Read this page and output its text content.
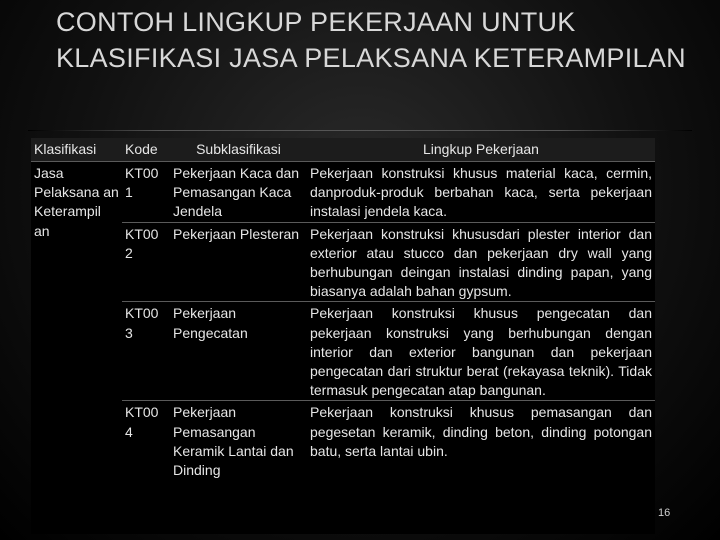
CONTOH LINGKUP PEKERJAAN UNTUK KLASIFIKASI JASA PELAKSANA KETERAMPILAN
Klasifikasi	Kode	Subklasifikasi	Lingkup Pekerjaan
Jasa Pelaksana an Keterampil an	KT00 1	Pekerjaan Kaca dan Pemasangan Kaca Jendela	Pekerjaan konstruksi khusus material kaca, cermin, danproduk-produk berbahan kaca, serta pekerjaan instalasi jendela kaca.
	KT00 2	Pekerjaan Plesteran	Pekerjaan konstruksi khususdari plester interior dan exterior atau stucco dan pekerjaan dry wall yang berhubungan deingan instalasi dinding papan, yang biasanya adalah bahan gypsum.
	KT00 3	Pekerjaan Pengecatan	Pekerjaan konstruksi khusus pengecatan dan pekerjaan konstruksi yang berhubungan dengan interior dan exterior bangunan dan pekerjaan pengecatan dari struktur berat (rekayasa teknik). Tidak termasuk pengecatan atap bangunan.
	KT00 4	Pekerjaan Pemasangan Keramik Lantai dan Dinding	Pekerjaan konstruksi khusus pemasangan dan pegesetan keramik, dinding beton, dinding potongan batu, serta lantai ubin.
16
